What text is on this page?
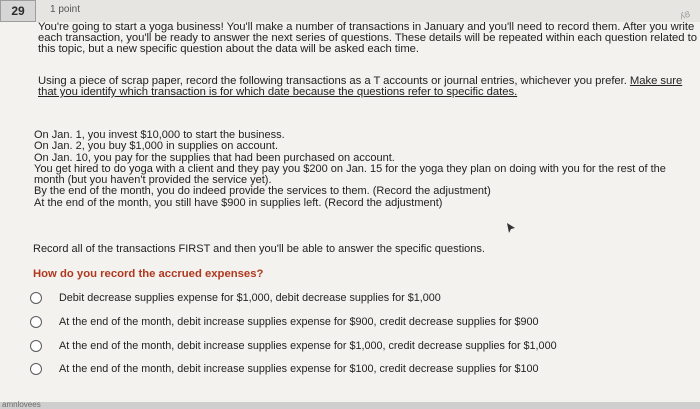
29	1 point	ʎȢ
You're going to start a yoga business! You'll make a number of transactions in January and you'll need to record them. After you write each transaction, you'll be ready to answer the next series of questions. These details will be repeated within each question related to this topic, but a new specific question about the data will be asked each time.
Using a piece of scrap paper, record the following transactions as a T accounts or journal entries, whichever you prefer. Make sure that you identify which transaction is for which date because the questions refer to specific dates.
On Jan. 1, you invest $10,000 to start the business.
On Jan. 2, you buy $1,000 in supplies on account.
On Jan. 10, you pay for the supplies that had been purchased on account.
You get hired to do yoga with a client and they pay you $200 on Jan. 15 for the yoga they plan on doing with you for the rest of the month (but you haven't provided the service yet).
By the end of the month, you do indeed provide the services to them. (Record the adjustment)
At the end of the month, you still have $900 in supplies left. (Record the adjustment)
Record all of the transactions FIRST and then you'll be able to answer the specific questions.
How do you record the accrued expenses?
Debit decrease supplies expense for $1,000, debit decrease supplies for $1,000
At the end of the month, debit increase supplies expense for $900, credit decrease supplies for $900
At the end of the month, debit increase supplies expense for $1,000, credit decrease supplies for $1,000
At the end of the month, debit increase supplies expense for $100, credit decrease supplies for $100
amnlovees
